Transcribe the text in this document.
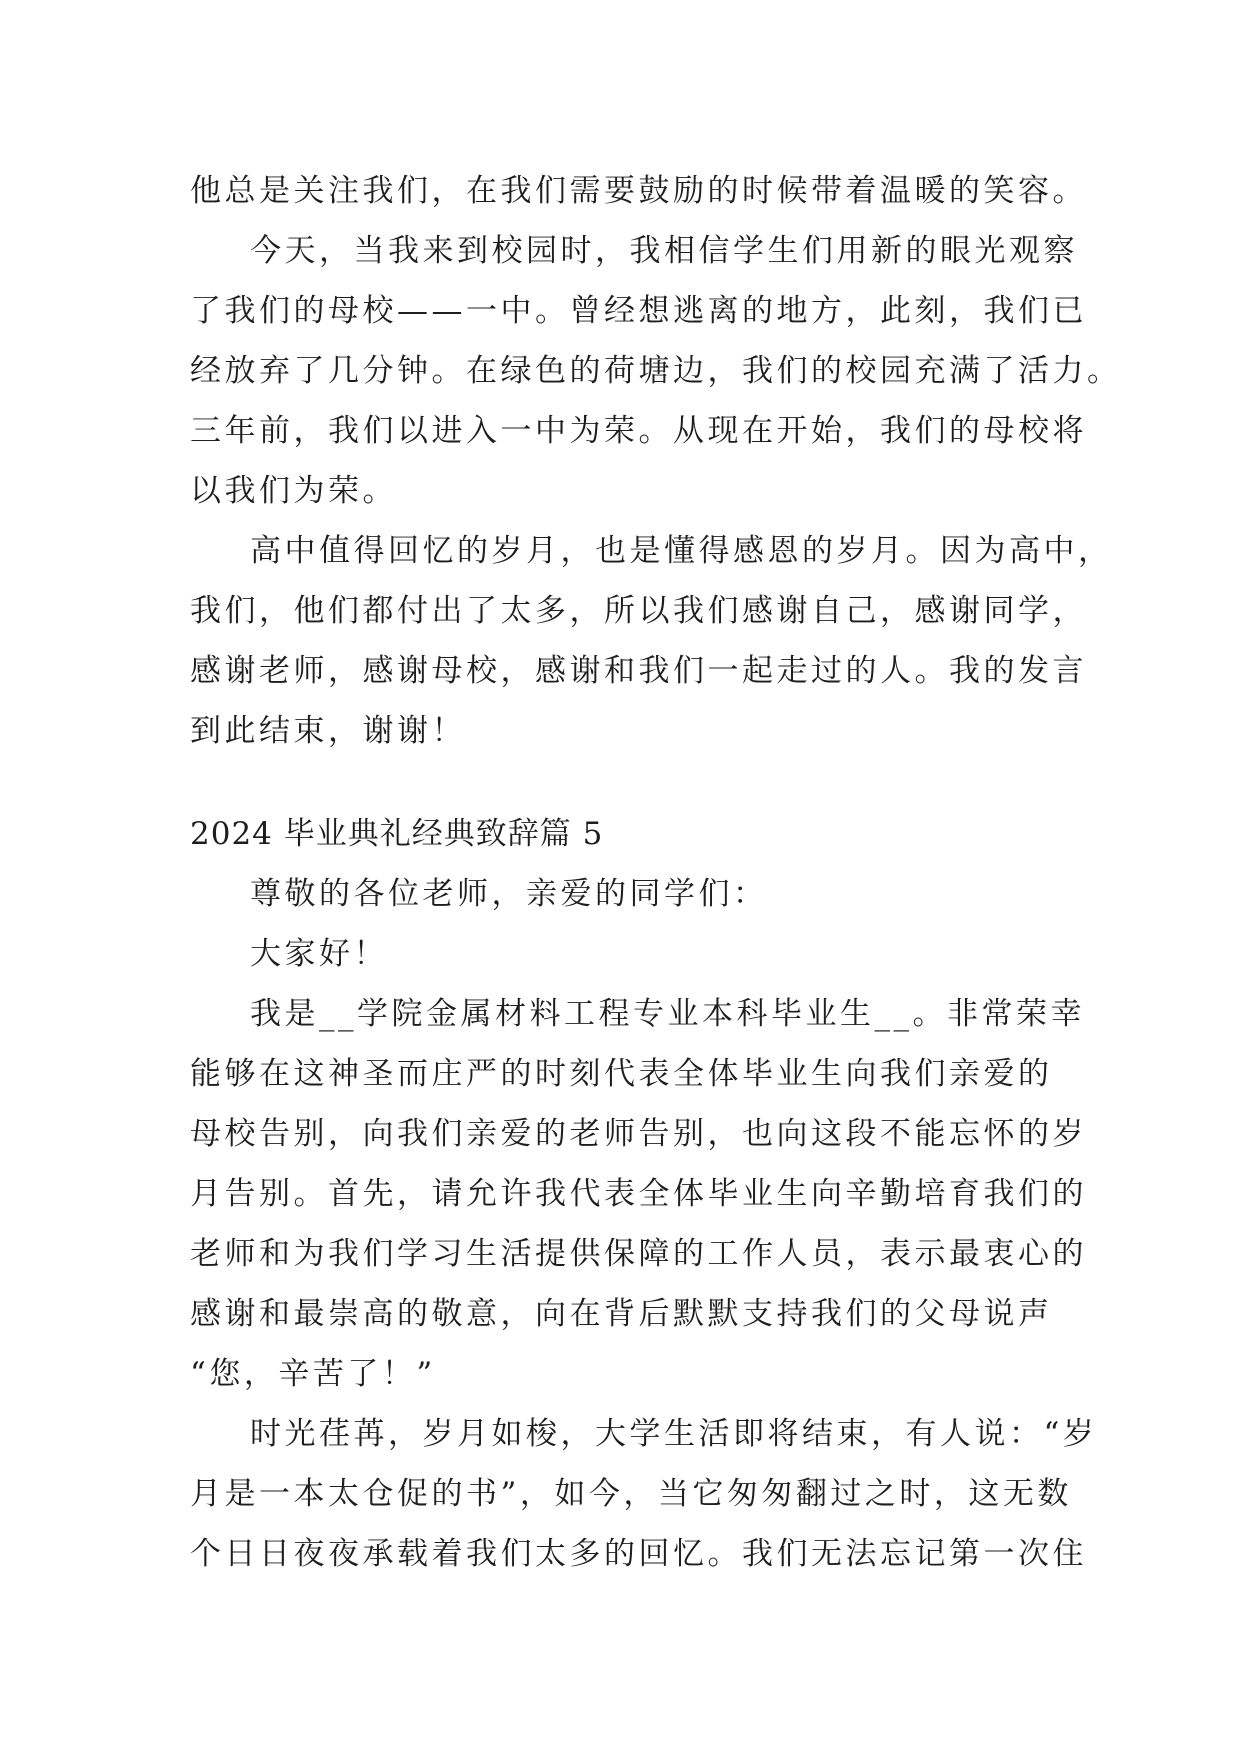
他总是关注我们，在我们需要鼓励的时候带着温暖的笑容。
今天，当我来到校园时，我相信学生们用新的眼光观察
了我们的母校——一中。曾经想逃离的地方，此刻，我们已
经放弃了几分钟。在绿色的荷塘边，我们的校园充满了活力。
三年前，我们以进入一中为荣。从现在开始，我们的母校将
以我们为荣。
高中值得回忆的岁月，也是懂得感恩的岁月。因为高中，
我们，他们都付出了太多，所以我们感谢自己，感谢同学，
感谢老师，感谢母校，感谢和我们一起走过的人。我的发言
到此结束，谢谢！
2024 毕业典礼经典致辞篇 5
尊敬的各位老师，亲爱的同学们：
大家好！
我是__学院金属材料工程专业本科毕业生__。非常荣幸
能够在这神圣而庄严的时刻代表全体毕业生向我们亲爱的
母校告别，向我们亲爱的老师告别，也向这段不能忘怀的岁
月告别。首先，请允许我代表全体毕业生向辛勤培育我们的
老师和为我们学习生活提供保障的工作人员，表示最衷心的
感谢和最崇高的敬意，向在背后默默支持我们的父母说声
“您，辛苦了！”
时光荏苒，岁月如梭，大学生活即将结束，有人说：“岁
月是一本太仓促的书”，如今，当它匆匆翻过之时，这无数
个日日夜夜承载着我们太多的回忆。我们无法忘记第一次住
